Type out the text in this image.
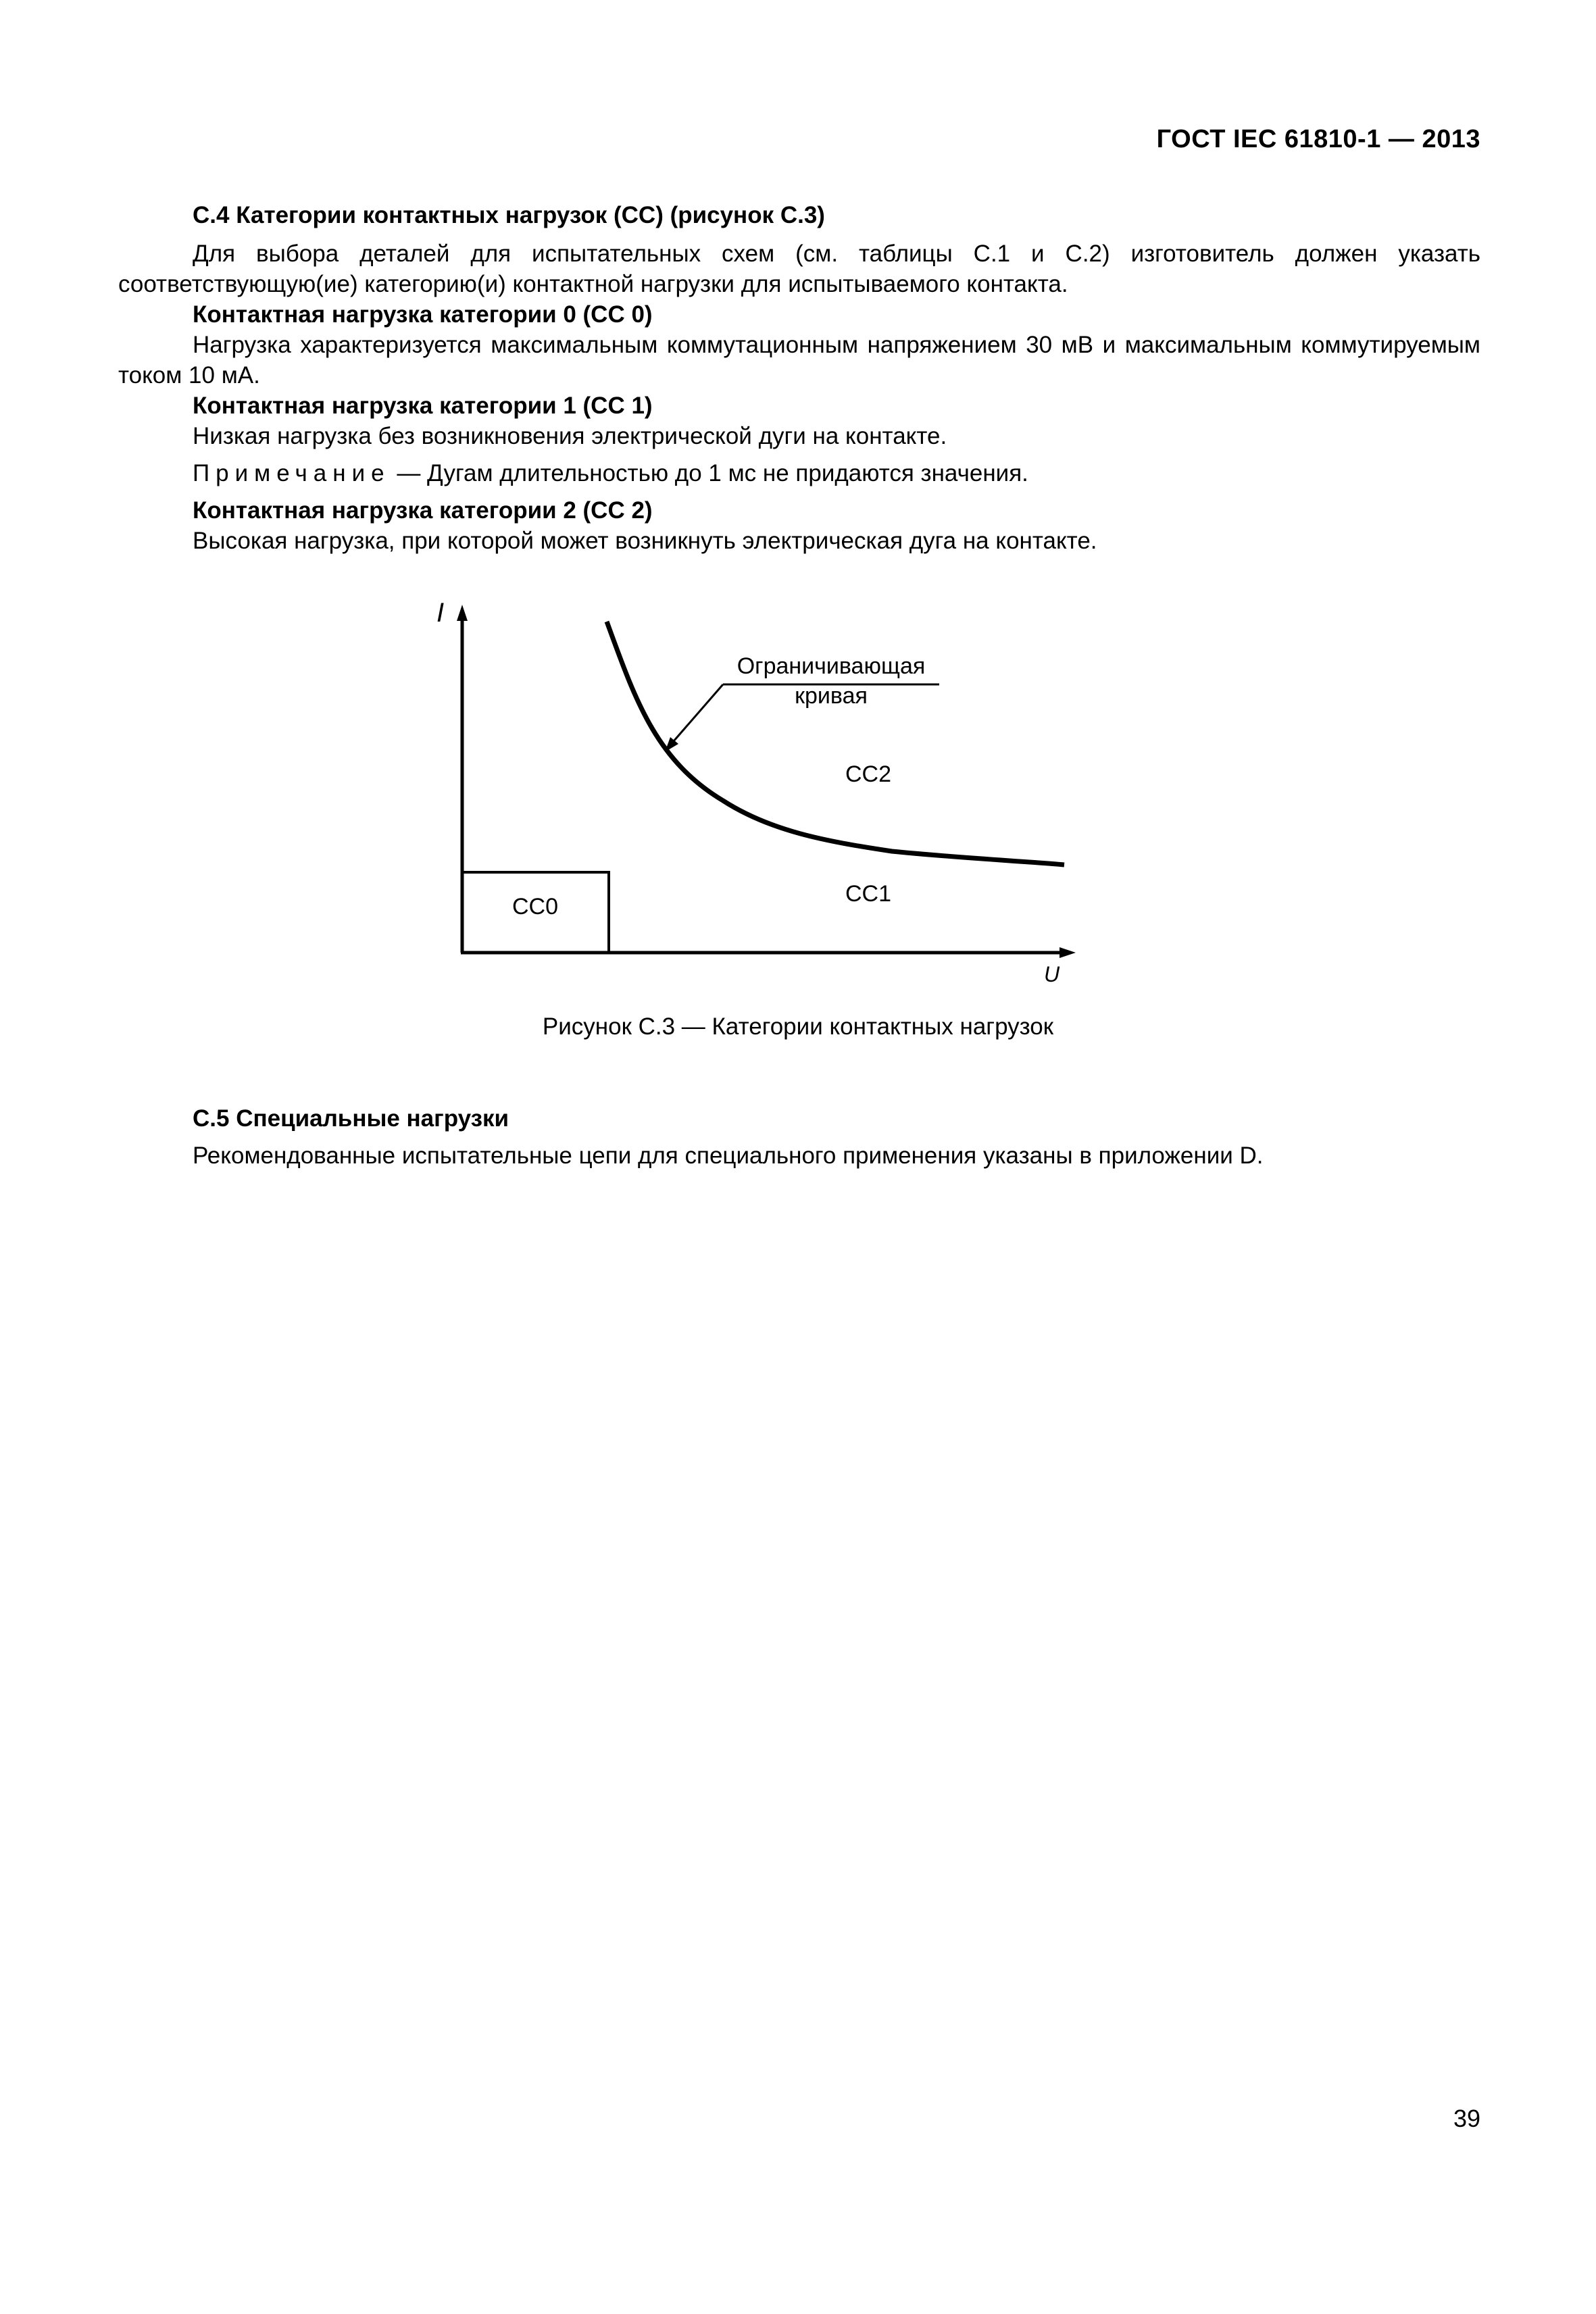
ГОСТ IEC 61810-1 — 2013
C.4 Категории контактных нагрузок (СС) (рисунок С.3)
Для выбора деталей для испытательных схем (см. таблицы С.1 и С.2) изготовитель должен указать соответствующую(ие) категорию(и) контактной нагрузки для испытываемого контакта.
Контактная нагрузка категории 0 (СС 0)
Нагрузка характеризуется максимальным коммутационным напряжением 30 мВ и максимальным коммутируемым током 10 мА.
Контактная нагрузка категории 1 (СС 1)
Низкая нагрузка без возникновения электрической дуги на контакте.
Примечание — Дугам длительностью до 1 мс не придаются значения.
Контактная нагрузка категории 2 (СС 2)
Высокая нагрузка, при которой может возникнуть электрическая дуга на контакте.
I
U
СС0
Ограничивающая
кривая
СС2
СС1
Рисунок С.3 — Категории контактных нагрузок
C.5 Специальные нагрузки
Рекомендованные испытательные цепи для специального применения указаны в приложении D.
39
